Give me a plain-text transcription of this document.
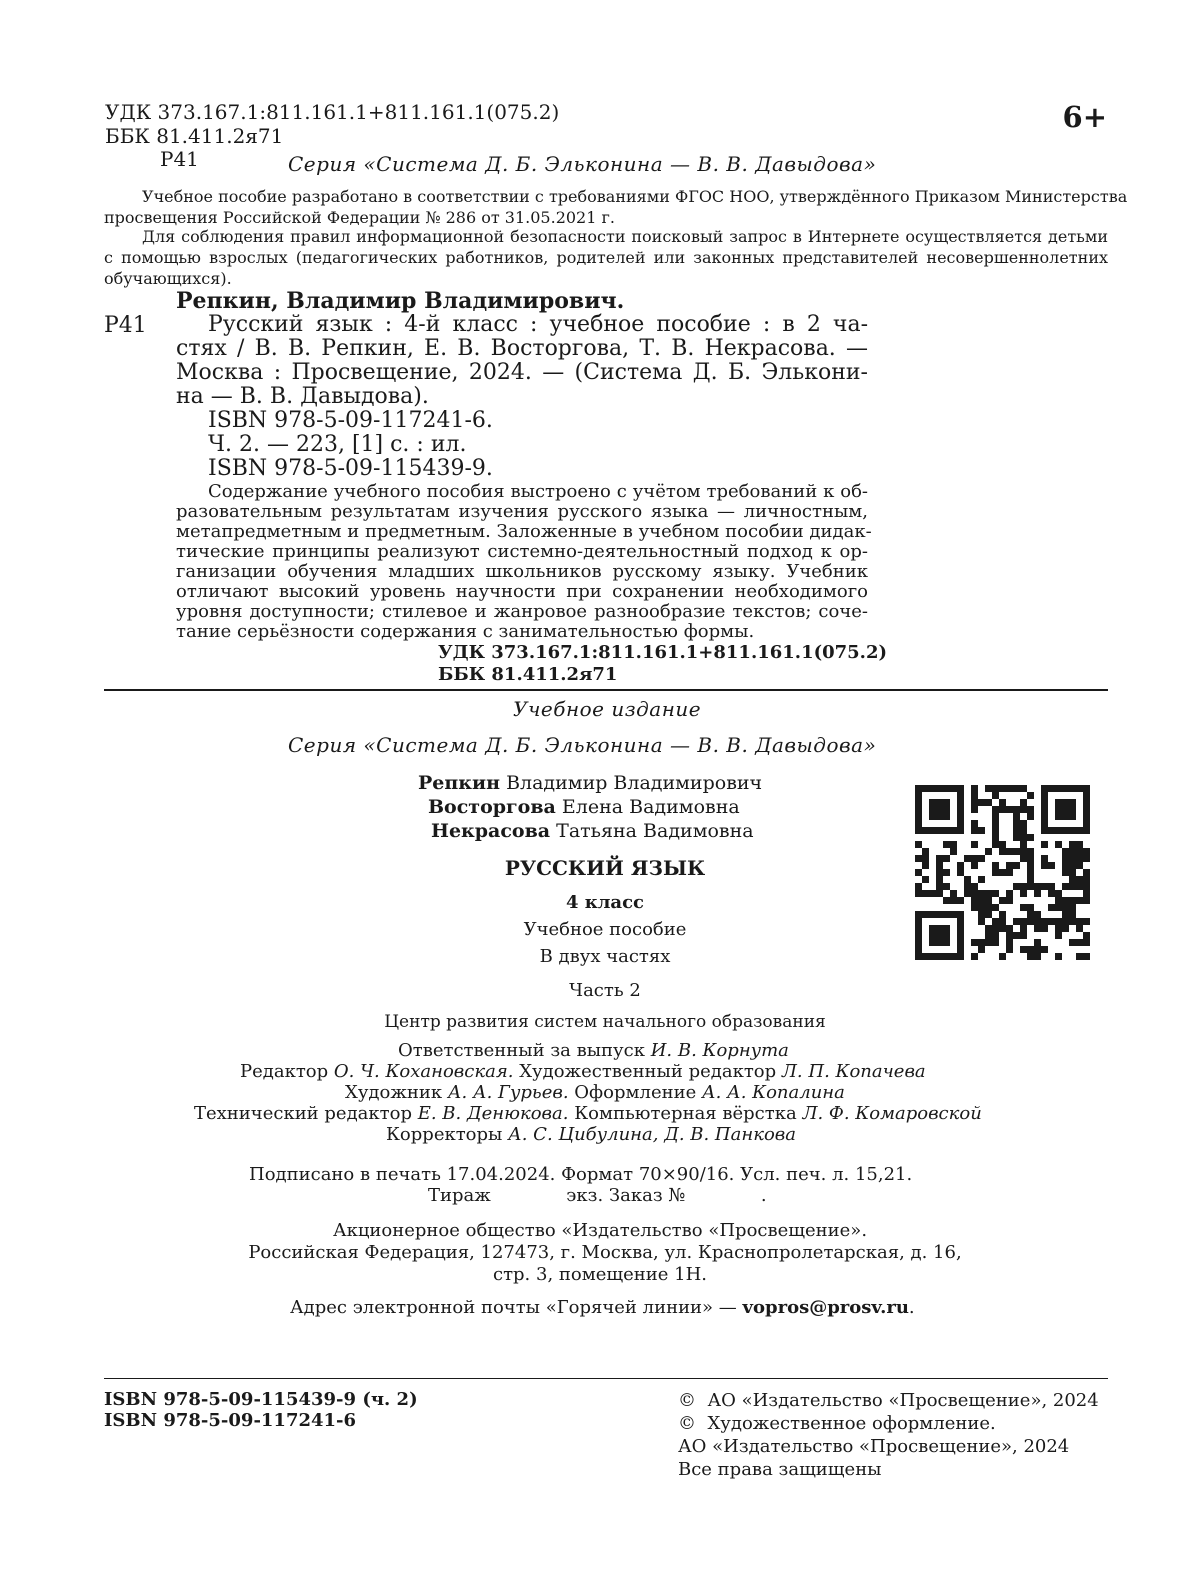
УДК 373.167.1:811.161.1+811.161.1(075.2)
ББК 81.411.2я71
6+
Р41	Серия «Система Д. Б. Эльконина — В. В. Давыдова»
Учебное пособие разработано в соответствии с требованиями ФГОС НОО, утверждённого Приказом Министерства
просвещения Российской Федерации № 286 от 31.05.2021 г.
Для соблюдения правил информационной безопасности поисковый запрос в Интернете осуществляется детьми
с помощью взрослых (педагогических работников, родителей или законных представителей несовершеннолетних
обучающихся).
Репкин, Владимир Владимирович.
Р41	Русский язык : 4-й класс : учебное пособие : в 2 ча-
стях / В. В. Репкин, Е. В. Восторгова, Т. В. Некрасова. —
Москва : Просвещение, 2024. — (Система Д. Б. Элькони-
на — В. В. Давыдова).
ISBN 978-5-09-117241-6.
Ч. 2. — 223, [1] с. : ил.
ISBN 978-5-09-115439-9.
Содержание учебного пособия выстроено с учётом требований к об-
разовательным результатам изучения русского языка — личностным,
метапредметным и предметным. Заложенные в учебном пособии дидак-
тические принципы реализуют системно-деятельностный подход к ор-
ганизации обучения младших школьников русскому языку. Учебник
отличают высокий уровень научности при сохранении необходимого
уровня доступности; стилевое и жанровое разнообразие текстов; соче-
тание серьёзности содержания с занимательностью формы.
УДК 373.167.1:811.161.1+811.161.1(075.2)
ББК 81.411.2я71
Учебное издание
Серия «Система Д. Б. Эльконина — В. В. Давыдова»
Репкин Владимир Владимирович
Восторгова Елена Вадимовна
Некрасова Татьяна Вадимовна
РУССКИЙ ЯЗЫК
4 класс
Учебное пособие
В двух частях
Часть 2
Центр развития систем начального образования
Ответственный за выпуск И. В. Корнута
Редактор О. Ч. Кохановская. Художественный редактор Л. П. Копачева
Художник А. А. Гурьев. Оформление А. А. Копалина
Технический редактор Е. В. Денюкова. Компьютерная вёрстка Л. Ф. Комаровской
Корректоры А. С. Цибулина, Д. В. Панкова
Подписано в печать 17.04.2024. Формат 70×90/16. Усл. печ. л. 15,21.
Тираж	экз. Заказ №	.
Акционерное общество «Издательство «Просвещение».
Российская Федерация, 127473, г. Москва, ул. Краснопролетарская, д. 16,
стр. 3, помещение 1Н.
Адрес электронной почты «Горячей линии» — vopros@prosv.ru.
ISBN 978-5-09-115439-9 (ч. 2)
ISBN 978-5-09-117241-6
© АО «Издательство «Просвещение», 2024
© Художественное оформление.
АО «Издательство «Просвещение», 2024
Все права защищены
